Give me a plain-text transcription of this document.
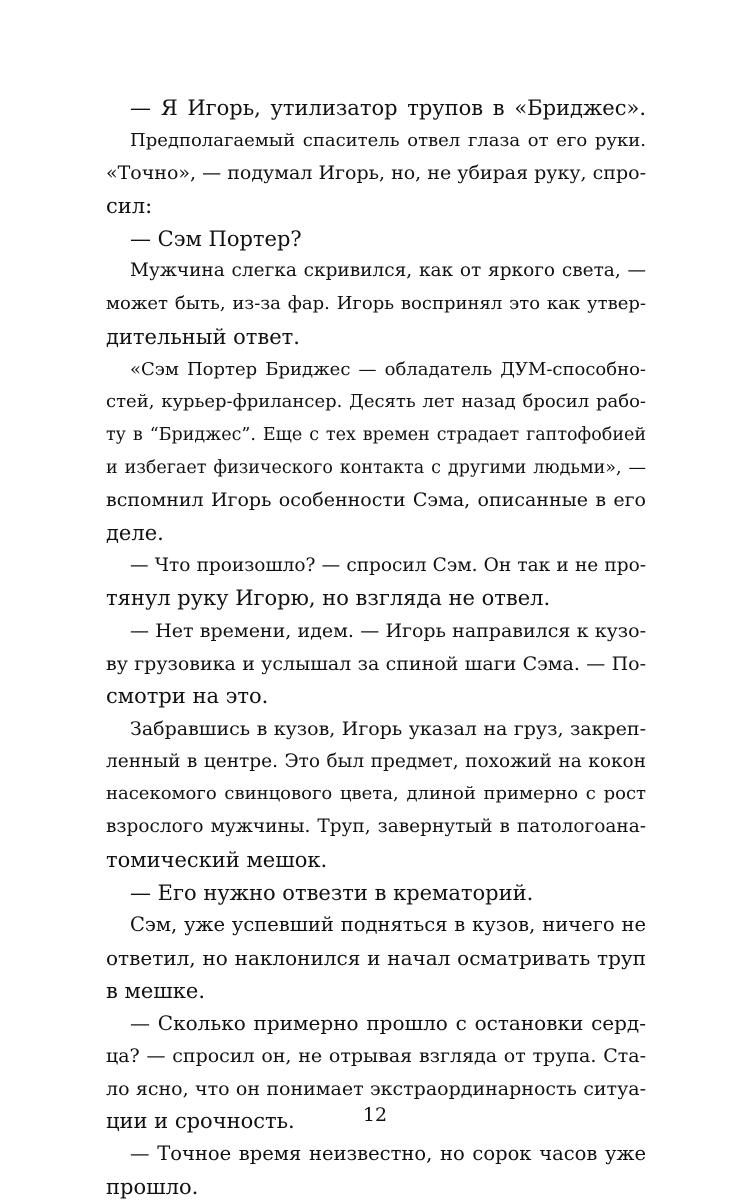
— Я Игорь, утилизатор трупов в «Бриджес».
Предполагаемый спаситель отвел глаза от его руки.
«Точно», — подумал Игорь, но, не убирая руку, спро-
сил:
— Сэм Портер?
Мужчина слегка скривился, как от яркого света, —
может быть, из-за фар. Игорь воспринял это как утвер-
дительный ответ.
«Сэм Портер Бриджес — обладатель ДУМ-способно-
стей, курьер-фрилансер. Десять лет назад бросил рабо-
ту в “Бриджес”. Еще с тех времен страдает гаптофобией
и избегает физического контакта с другими людьми», —
вспомнил Игорь особенности Сэма, описанные в его
деле.
— Что произошло? — спросил Сэм. Он так и не про-
тянул руку Игорю, но взгляда не отвел.
— Нет времени, идем. — Игорь направился к кузо-
ву грузовика и услышал за спиной шаги Сэма. — По-
смотри на это.
Забравшись в кузов, Игорь указал на груз, закреп-
ленный в центре. Это был предмет, похожий на кокон
насекомого свинцового цвета, длиной примерно с рост
взрослого мужчины. Труп, завернутый в патологоана-
томический мешок.
— Его нужно отвезти в крематорий.
Сэм, уже успевший подняться в кузов, ничего не
ответил, но наклонился и начал осматривать труп
в мешке.
— Сколько примерно прошло с остановки серд-
ца? — спросил он, не отрывая взгляда от трупа. Ста-
ло ясно, что он понимает экстраординарность ситуа-
ции и срочность.
— Точное время неизвестно, но сорок часов уже
прошло.
12
